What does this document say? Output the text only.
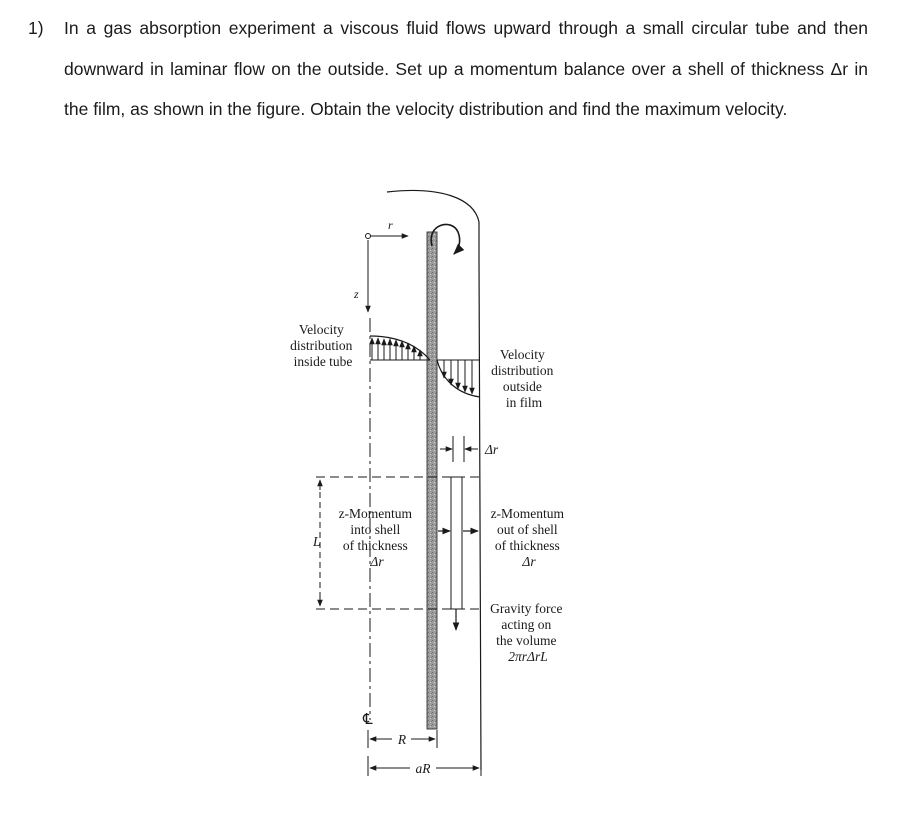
1) In a gas absorption experiment a viscous fluid flows upward through a small circular tube and then downward in laminar flow on the outside. Set up a momentum balance over a shell of thickness Δr in the film, as shown in the figure. Obtain the velocity distribution and find the maximum velocity.
r
z
Velocity distribution inside tube	Velocity distribution outside in film
Δr
L
z-Momentum into shell of thickness Δr
z-Momentum out of shell of thickness Δr
Gravity force acting on the volume 2πrΔrL
℄
R
aR
